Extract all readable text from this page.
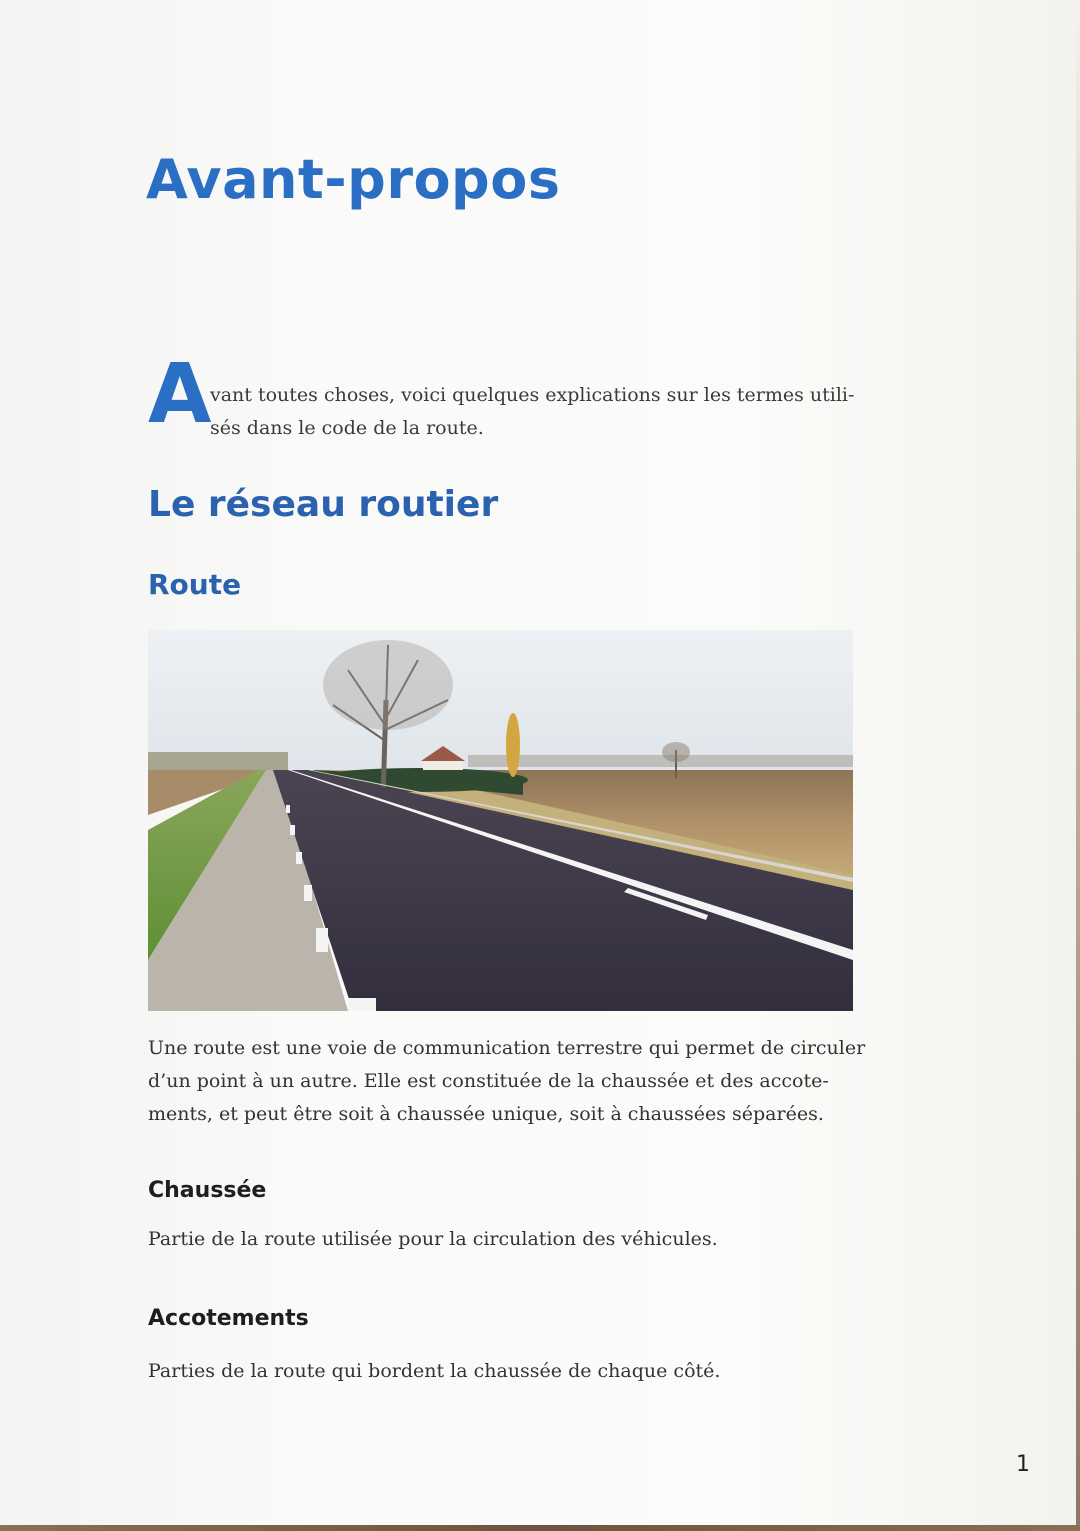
Avant-propos
A
vant toutes choses, voici quelques explications sur les termes utili-
sés dans le code de la route.
Le réseau routier
Route
Une route est une voie de communication terrestre qui permet de circuler
d’un point à un autre. Elle est constituée de la chaussée et des accote-
ments, et peut être soit à chaussée unique, soit à chaussées séparées.
Chaussée
Partie de la route utilisée pour la circulation des véhicules.
Accotements
Parties de la route qui bordent la chaussée de chaque côté.
1
